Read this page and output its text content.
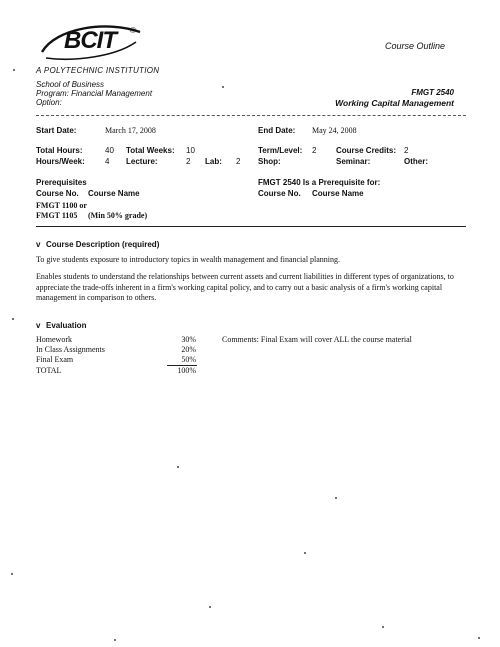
BCIT ®
A POLYTECHNIC INSTITUTION
Course Outline
School of Business
Program: Financial Management
Option:
FMGT 2540
Working Capital Management
Start Date:	March 17, 2008	End Date: May 24, 2008
Total Hours:	40 Total Weeks: 10	Term/Level: 2 Course Credits: 2
Hours/Week:	4 Lecture:	2 Lab: 2 Shop:	Seminar:	Other:
Prerequisites
Course No. Course Name
FMGT 1100 or
FMGT 1105 (Min 50% grade)
FMGT 2540 Is a Prerequisite for:
Course No. Course Name
v Course Description (required)
To give students exposure to introductory topics in wealth management and financial planning.
Enables students to understand the relationships between current assets and current liabilities in different types of organizations, to appreciate the trade-offs inherent in a firm's working capital policy, and to carry out a basic analysis of a firm's working capital management in comparison to others.
v Evaluation
Homework	30%
In Class Assignments	20%
Final Exam	50%
TOTAL	100%
Comments: Final Exam will cover ALL the course material
